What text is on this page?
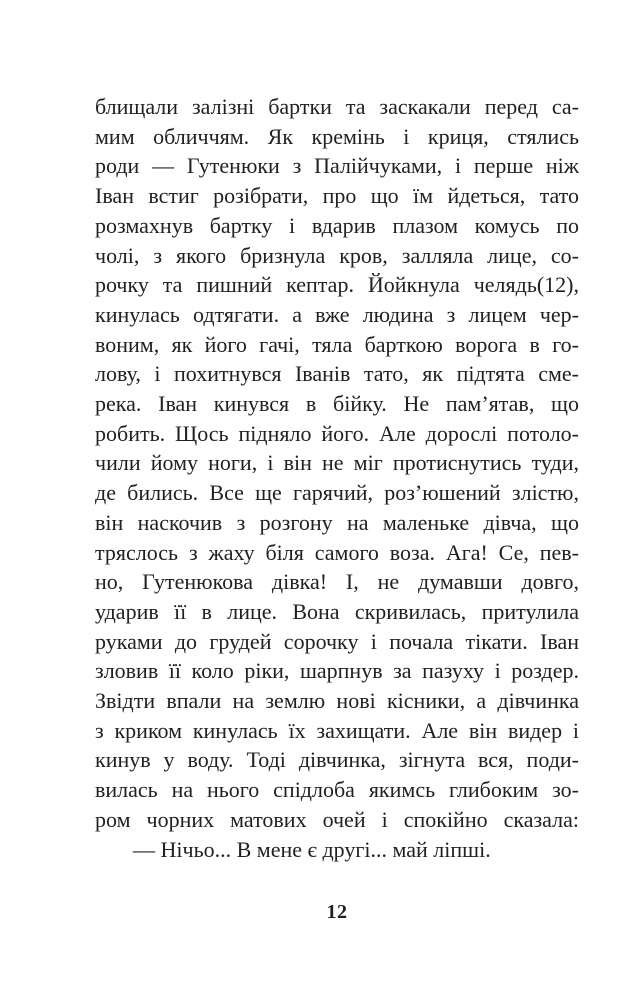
блищали залізні бартки та заскакали перед са-
мим обличчям. Як кремінь і криця, стялись
роди — Гутенюки з Палійчуками, і перше ніж
Іван встиг розібрати, про що їм йдеться, тато
розмахнув бартку і вдарив плазом комусь по
чолі, з якого бризнула кров, залляла лице, со-
рочку та пишний кептар. Йойкнула челядь(12),
кинулась одтягати. а вже людина з лицем чер-
воним, як його гачі, тяла барткою ворога в го-
лову, і похитнувся Іванів тато, як підтята сме-
река. Іван кинувся в бійку. Не пам’ятав, що
робить. Щось підняло його. Але дорослі потоло-
чили йому ноги, і він не міг протиснутись туди,
де бились. Все ще гарячий, роз’юшений злістю,
він наскочив з розгону на маленьке дівча, що
тряслось з жаху біля самого воза. Ага! Се, пев-
но, Гутенюкова дівка! І, не думавши довго,
ударив її в лице. Вона скривилась, притулила
руками до грудей сорочку і почала тікати. Іван
зловив її коло ріки, шарпнув за пазуху і роздер.
Звідти впали на землю нові кісники, а дівчинка
з криком кинулась їх захищати. Але він видер і
кинув у воду. Тоді дівчинка, зігнута вся, поди-
вилась на нього спідлоба якимсь глибоким зо-
ром чорних матових очей і спокійно сказала:
— Нічьо... В мене є другі... май ліпші.
12
